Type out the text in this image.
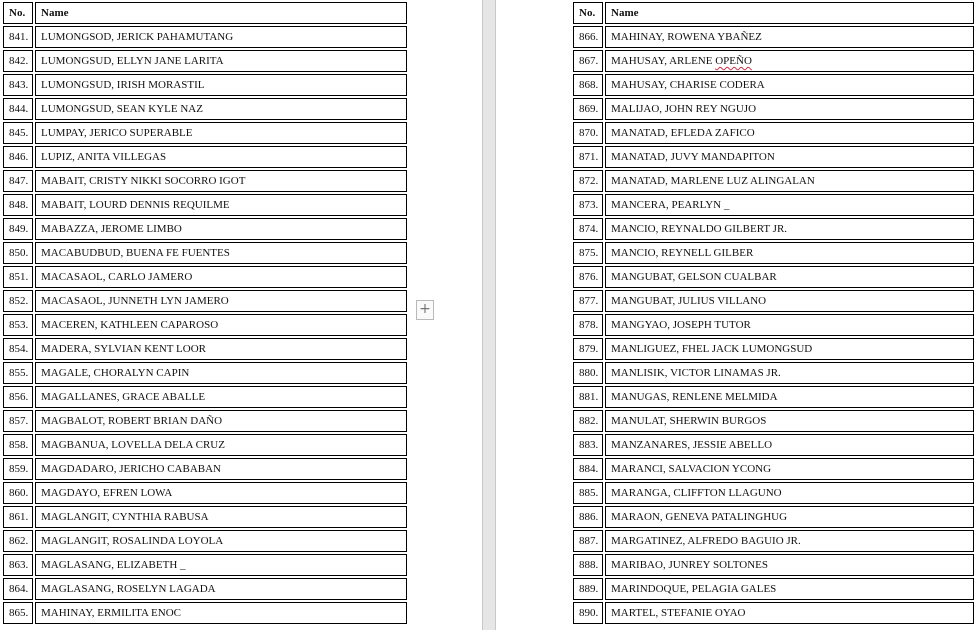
No.	Name
841.	LUMONGSOD, JERICK PAHAMUTANG
842.	LUMONGSUD, ELLYN JANE LARITA
843.	LUMONGSUD, IRISH MORASTIL
844.	LUMONGSUD, SEAN KYLE NAZ
845.	LUMPAY, JERICO SUPERABLE
846.	LUPIZ, ANITA VILLEGAS
847.	MABAIT, CRISTY NIKKI SOCORRO IGOT
848.	MABAIT, LOURD DENNIS REQUILME
849.	MABAZZA, JEROME LIMBO
850.	MACABUDBUD, BUENA FE FUENTES
851.	MACASAOL, CARLO JAMERO
852.	MACASAOL, JUNNETH LYN JAMERO
853.	MACEREN, KATHLEEN CAPAROSO
854.	MADERA, SYLVIAN KENT LOOR
855.	MAGALE, CHORALYN CAPIN
856.	MAGALLANES, GRACE ABALLE
857.	MAGBALOT, ROBERT BRIAN DAÑO
858.	MAGBANUA, LOVELLA DELA CRUZ
859.	MAGDADARO, JERICHO CABABAN
860.	MAGDAYO, EFREN LOWA
861.	MAGLANGIT, CYNTHIA RABUSA
862.	MAGLANGIT, ROSALINDA LOYOLA
863.	MAGLASANG, ELIZABETH _
864.	MAGLASANG, ROSELYN LAGADA
865.	MAHINAY, ERMILITA ENOC
+
No.	Name
866.	MAHINAY, ROWENA YBAÑEZ
867.	MAHUSAY, ARLENE OPEÑO
868.	MAHUSAY, CHARISE CODERA
869.	MALIJAO, JOHN REY NGUJO
870.	MANATAD, EFLEDA ZAFICO
871.	MANATAD, JUVY MANDAPITON
872.	MANATAD, MARLENE LUZ ALINGALAN
873.	MANCERA, PEARLYN _
874.	MANCIO, REYNALDO GILBERT JR.
875.	MANCIO, REYNELL GILBER
876.	MANGUBAT, GELSON CUALBAR
877.	MANGUBAT, JULIUS VILLANO
878.	MANGYAO, JOSEPH TUTOR
879.	MANLIGUEZ, FHEL JACK LUMONGSUD
880.	MANLISIK, VICTOR LINAMAS JR.
881.	MANUGAS, RENLENE MELMIDA
882.	MANULAT, SHERWIN BURGOS
883.	MANZANARES, JESSIE ABELLO
884.	MARANCI, SALVACION YCONG
885.	MARANGA, CLIFFTON LLAGUNO
886.	MARAON, GENEVA PATALINGHUG
887.	MARGATINEZ, ALFREDO BAGUIO JR.
888.	MARIBAO, JUNREY SOLTONES
889.	MARINDOQUE, PELAGIA GALES
890.	MARTEL, STEFANIE OYAO
